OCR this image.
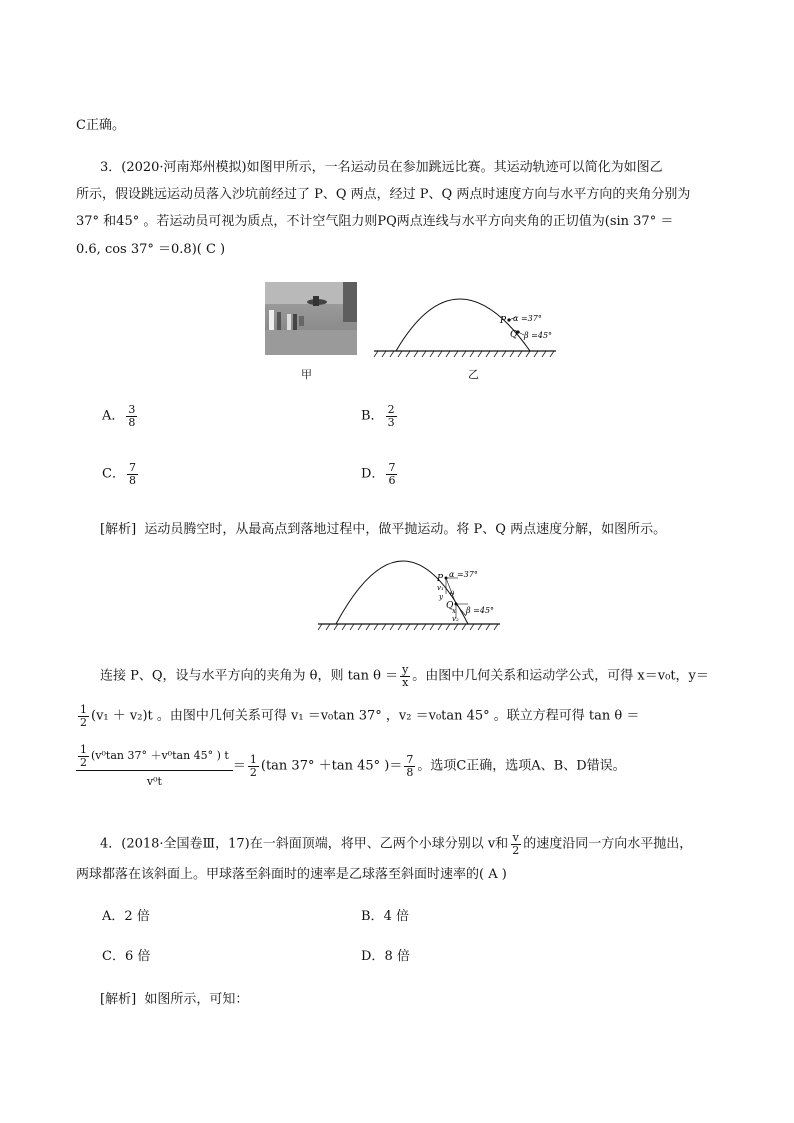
C正确。
3．(2020·河南郑州模拟)如图甲所示，一名运动员在参加跳远比赛。其运动轨迹可以简化为如图乙
所示，假设跳远运动员落入沙坑前经过了 P、Q 两点，经过 P、Q 两点时速度方向与水平方向的夹角分别为
37° 和45° 。若运动员可视为质点，不计空气阻力则PQ两点连线与水平方向夹角的正切值为(sin 37° ＝
0.6, cos 37° ＝0.8)( C )
甲
P α =37°
Q β =45°
乙
A． $\frac{3}{8}$	B． $\frac{2}{3}$
C． $\frac{7}{8}$	D． $\frac{7}{6}$
[解析] 运动员腾空时，从最高点到落地过程中，做平抛运动。将 P、Q 两点速度分解，如图所示。
P α =37°
v₁
y θ
Q
x
v₂
β =45°
连接 P、Q，设与水平方向的夹角为 θ，则 $\tan \theta = \frac{y}{x}$ 。由图中几何关系和运动学公式，可得 x＝v₀t，y＝
$\frac{1}{2} (v_1 + v_2)t$ 。由图中几何关系可得 v₁ ＝v₀tan 37° ，v₂ ＝v₀tan 45° 。联立方程可得 tan θ ＝
$\frac{\frac{1}{2} (v^0\tan 37^\circ +v^0\tan 45^\circ ) t}{\text{v⁰t}} = \frac{1}{2} (\tan$ 37° ＋tan 45° )＝ $\frac{7}{8}$ 。选项C正确，选项A、B、D错误。
4．(2018·全国卷Ⅲ，17)在一斜面顶端，将甲、乙两个小球分别以 v和 $\frac{v}{2}$ 的速度沿同一方向水平抛出，
两球都落在该斜面上。甲球落至斜面时的速率是乙球落至斜面时速率的( A )
A．2 倍	B．4 倍
C．6 倍	D．8 倍
[解析] 如图所示，可知：
